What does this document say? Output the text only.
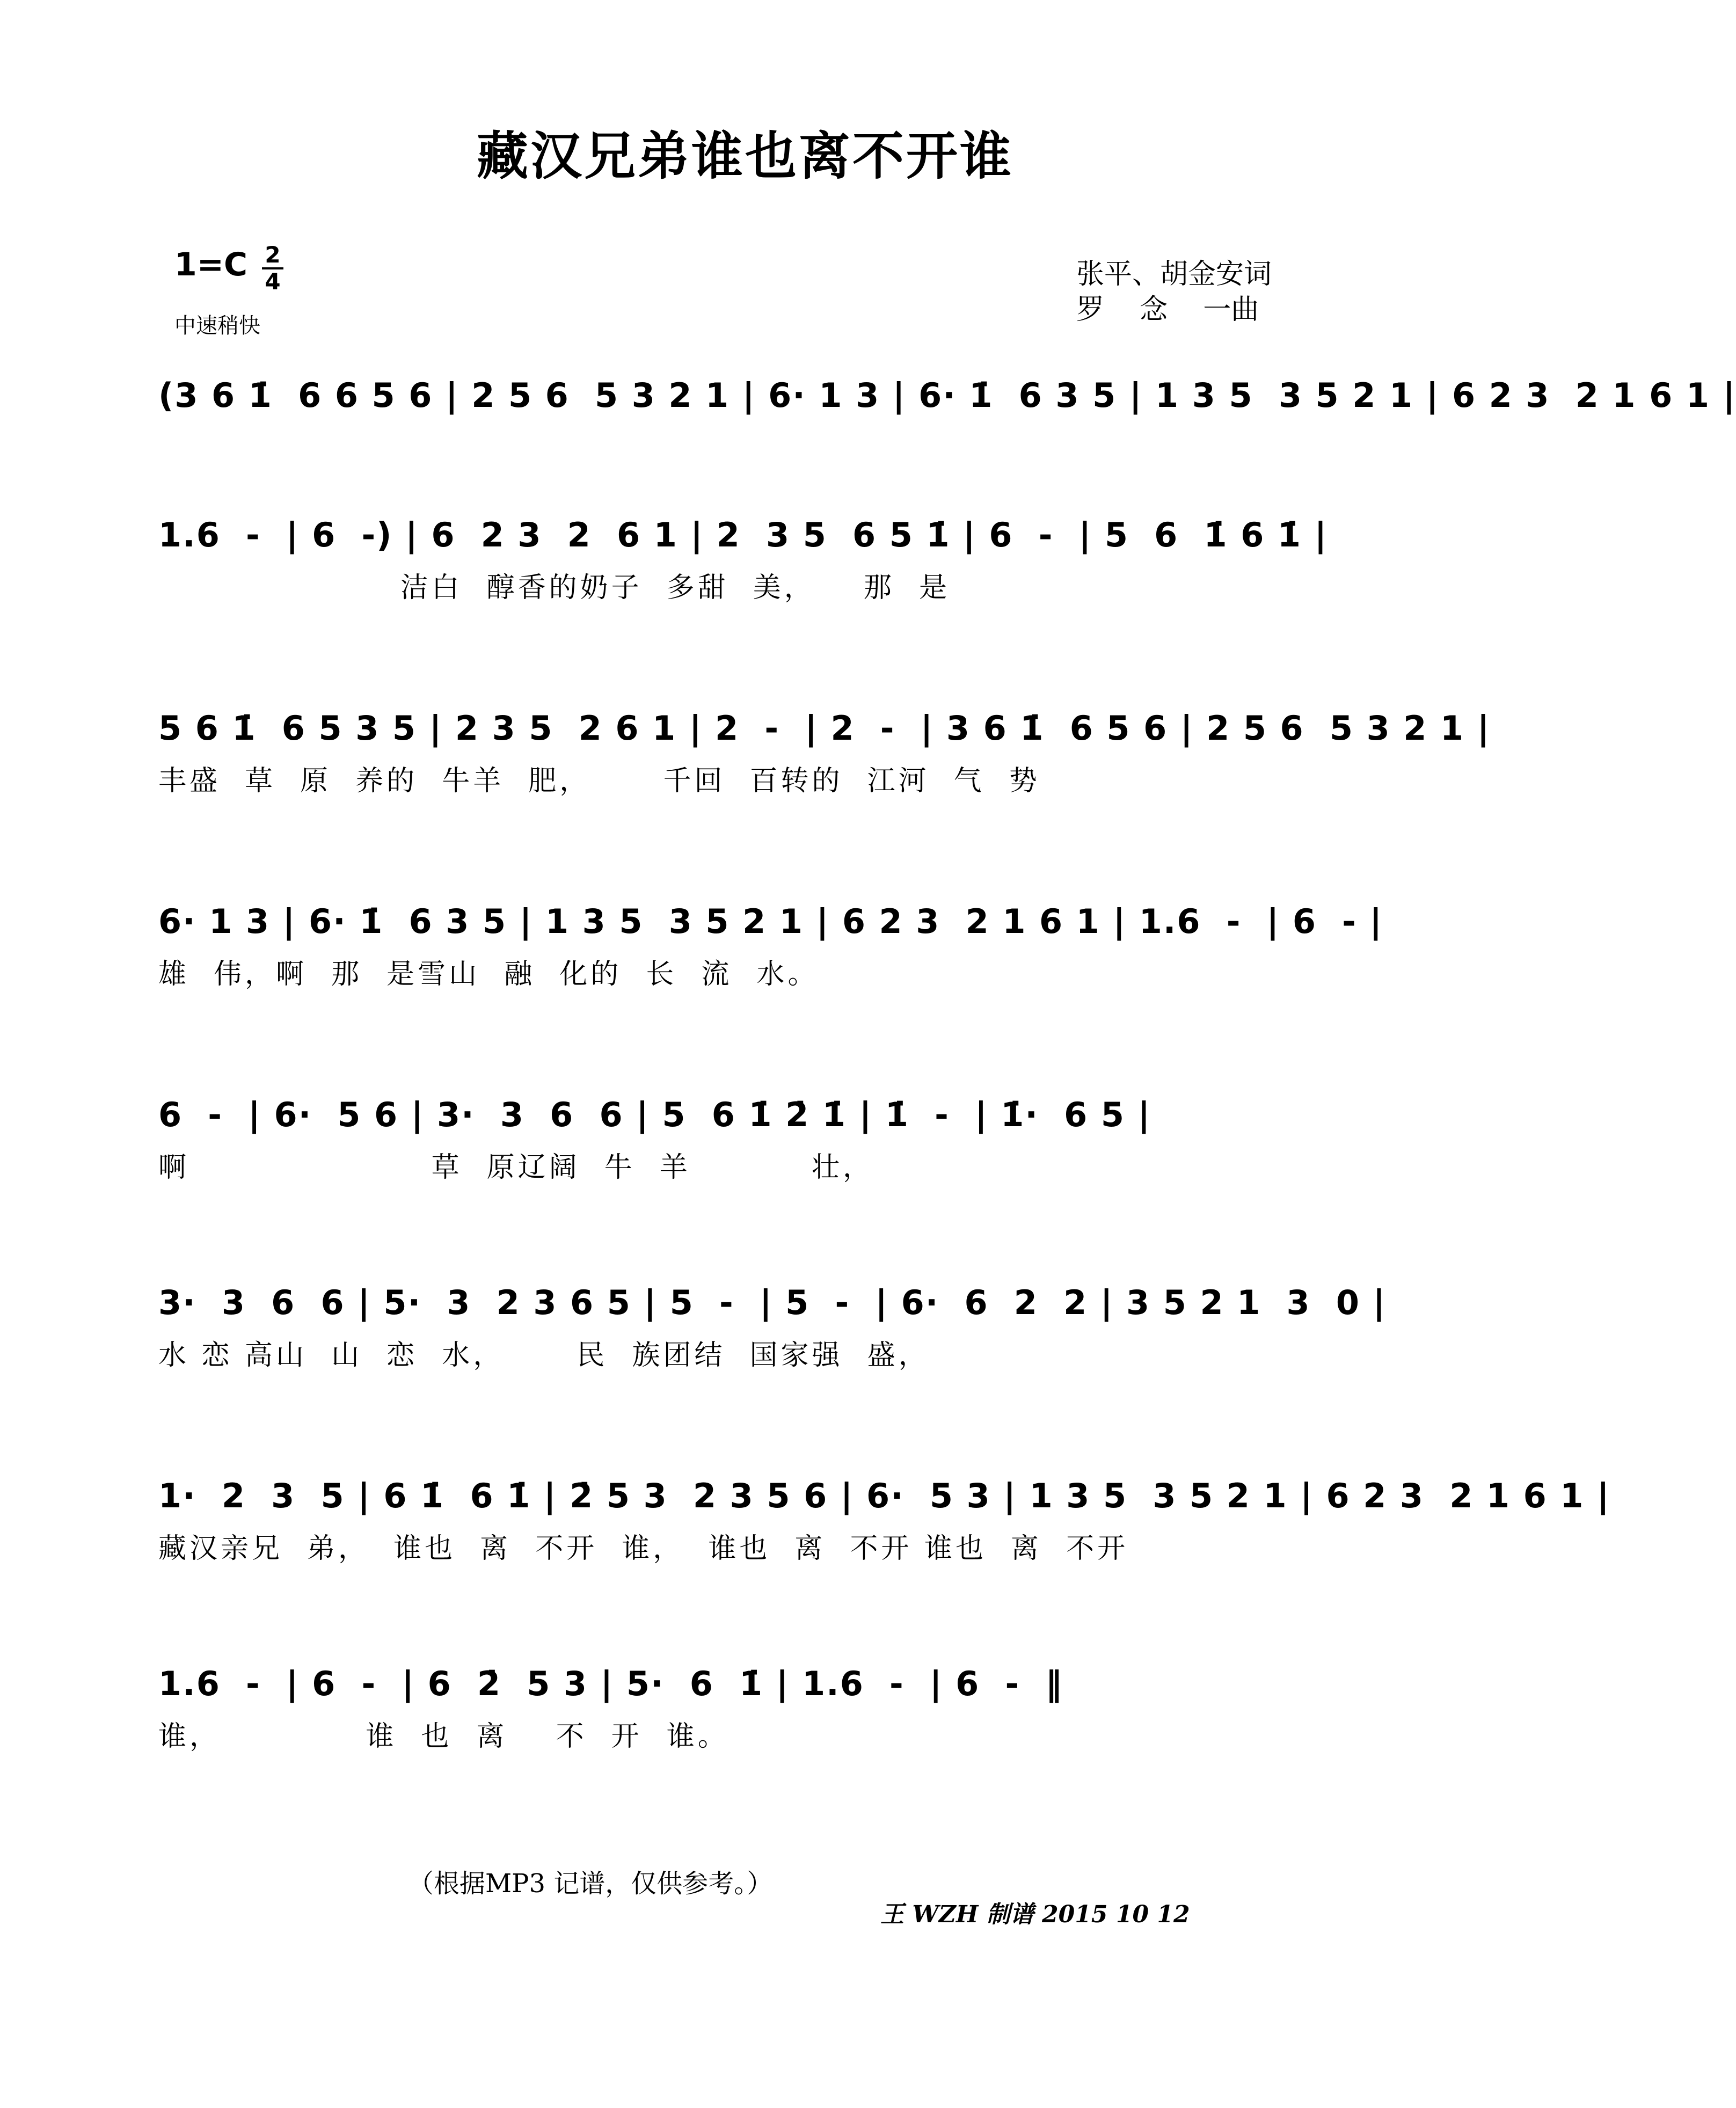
藏汉兄弟谁也离不开谁
1=C 2
4
中速稍快
张平、胡金安词
罗    念    一曲
(3 6 1̇  6 6 5 6 | 2 5 6  5 3 2 1 | 6· 1 3 | 6· 1̇  6 3 5 | 1 3 5  3 5 2 1 | 6 2 3  2 1 6 1 |
1.6  -  | 6  -) | 6  2 3  2  6 1 | 2  3 5  6 5 1̇ | 6  -  | 5  6  1̇ 6 1̇ |
洁白  醇香的奶子  多甜  美，    那  是
5 6 1̇  6 5 3 5 | 2 3 5  2 6 1 | 2  -  | 2  -  | 3 6 1̇  6 5 6 | 2 5 6  5 3 2 1 |
丰盛  草  原  养的  牛羊  肥，      千回  百转的  江河  气  势
6· 1 3 | 6· 1̇  6 3 5 | 1 3 5  3 5 2 1 | 6 2 3  2 1 6 1 | 1.6  -  | 6  - |
雄  伟，啊  那  是雪山  融  化的  长  流  水。
6  -  | 6·  5 6 | 3·  3  6  6 | 5  6 1̇ 2̇ 1̇ | 1̇  -  | 1̇·  6 5 |
啊                    草  原辽阔  牛  羊          壮，
3·  3  6  6 | 5·  3  2 3 6 5 | 5  -  | 5  -  | 6·  6  2  2 | 3 5 2 1  3  0 |
水 恋 高山  山  恋  水，      民  族团结  国家强  盛，
1·  2  3  5 | 6 1̇  6 1̇ | 2̇ 5 3  2 3 5 6 | 6·  5 3 | 1 3 5  3 5 2 1 | 6 2 3  2 1 6 1 |
藏汉亲兄  弟，  谁也  离  不开  谁，  谁也  离  不开 谁也  离  不开
1.6  -  | 6  -  | 6  2̇  5 3 | 5·  6  1̇ | 1.6  -  | 6  -  ‖
谁，            谁  也  离    不  开  谁。
（根据MP3 记谱，仅供参考。）
王 WZH 制谱 2015 10 12
